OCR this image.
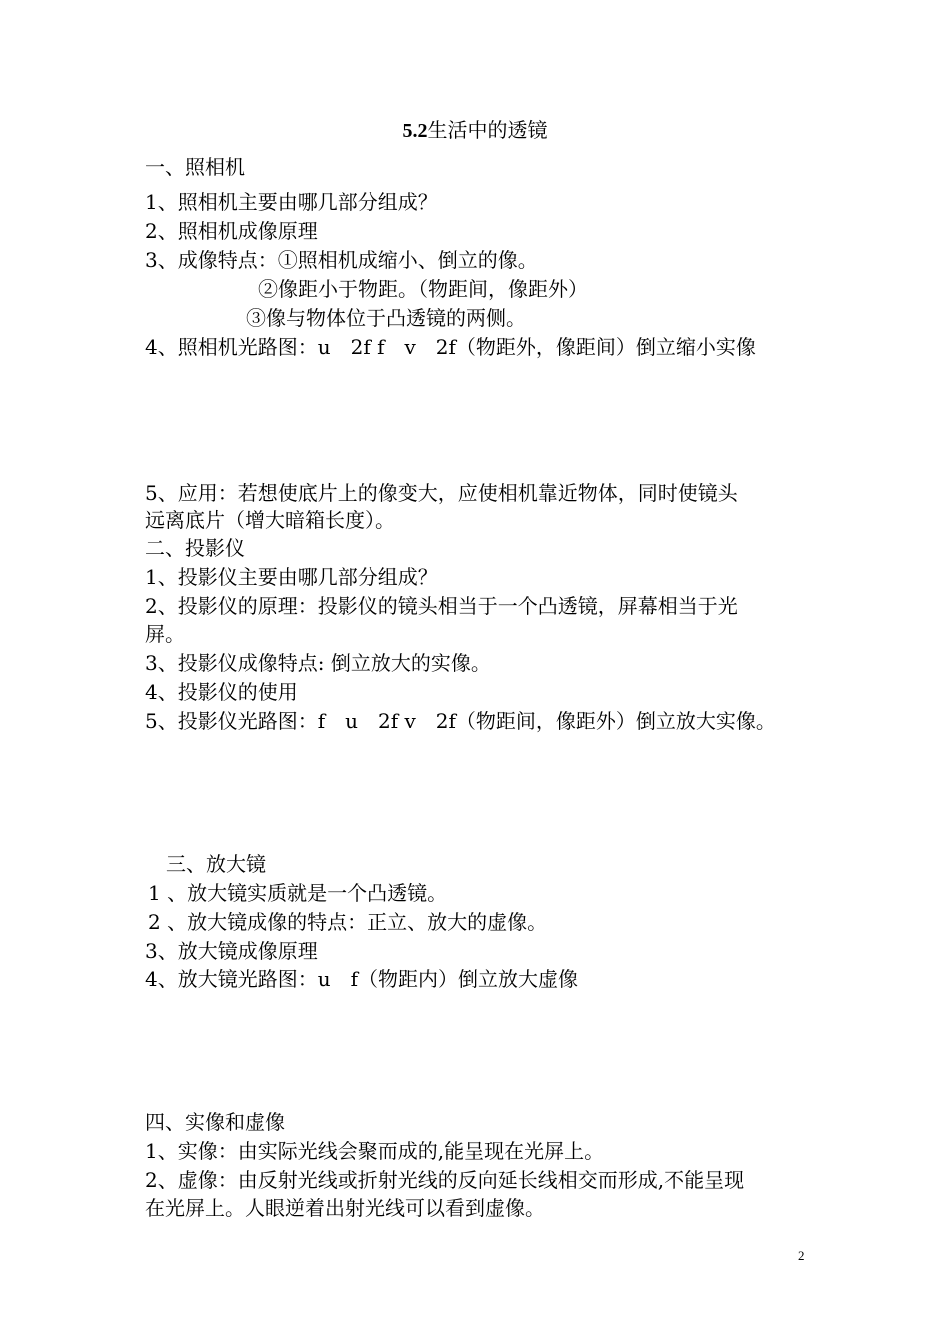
5.2生活中的透镜
一、照相机
1、照相机主要由哪几部分组成？
2、照相机成像原理
3、成像特点：①照相机成缩小、倒立的像。
②像距小于物距。（物距间，像距外）
③像与物体位于凸透镜的两侧。
4、照相机光路图：u　2f f　v　2f（物距外，像距间）倒立缩小实像
5、应用：若想使底片上的像变大，应使相机靠近物体，同时使镜头
远离底片（增大暗箱长度）。
二、投影仪
1、投影仪主要由哪几部分组成？
2、投影仪的原理：投影仪的镜头相当于一个凸透镜，屏幕相当于光
屏。
3、投影仪成像特点: 倒立放大的实像。
4、投影仪的使用
5、投影仪光路图：f　u　2f v　2f（物距间，像距外）倒立放大实像。
三、放大镜
1 、放大镜实质就是一个凸透镜。
2 、放大镜成像的特点：正立、放大的虚像。
3、放大镜成像原理
4、放大镜光路图：u　f（物距内）倒立放大虚像
四、实像和虚像
1、实像：由实际光线会聚而成的,能呈现在光屏上。
2、虚像：由反射光线或折射光线的反向延长线相交而形成,不能呈现
在光屏上。人眼逆着出射光线可以看到虚像。
2
